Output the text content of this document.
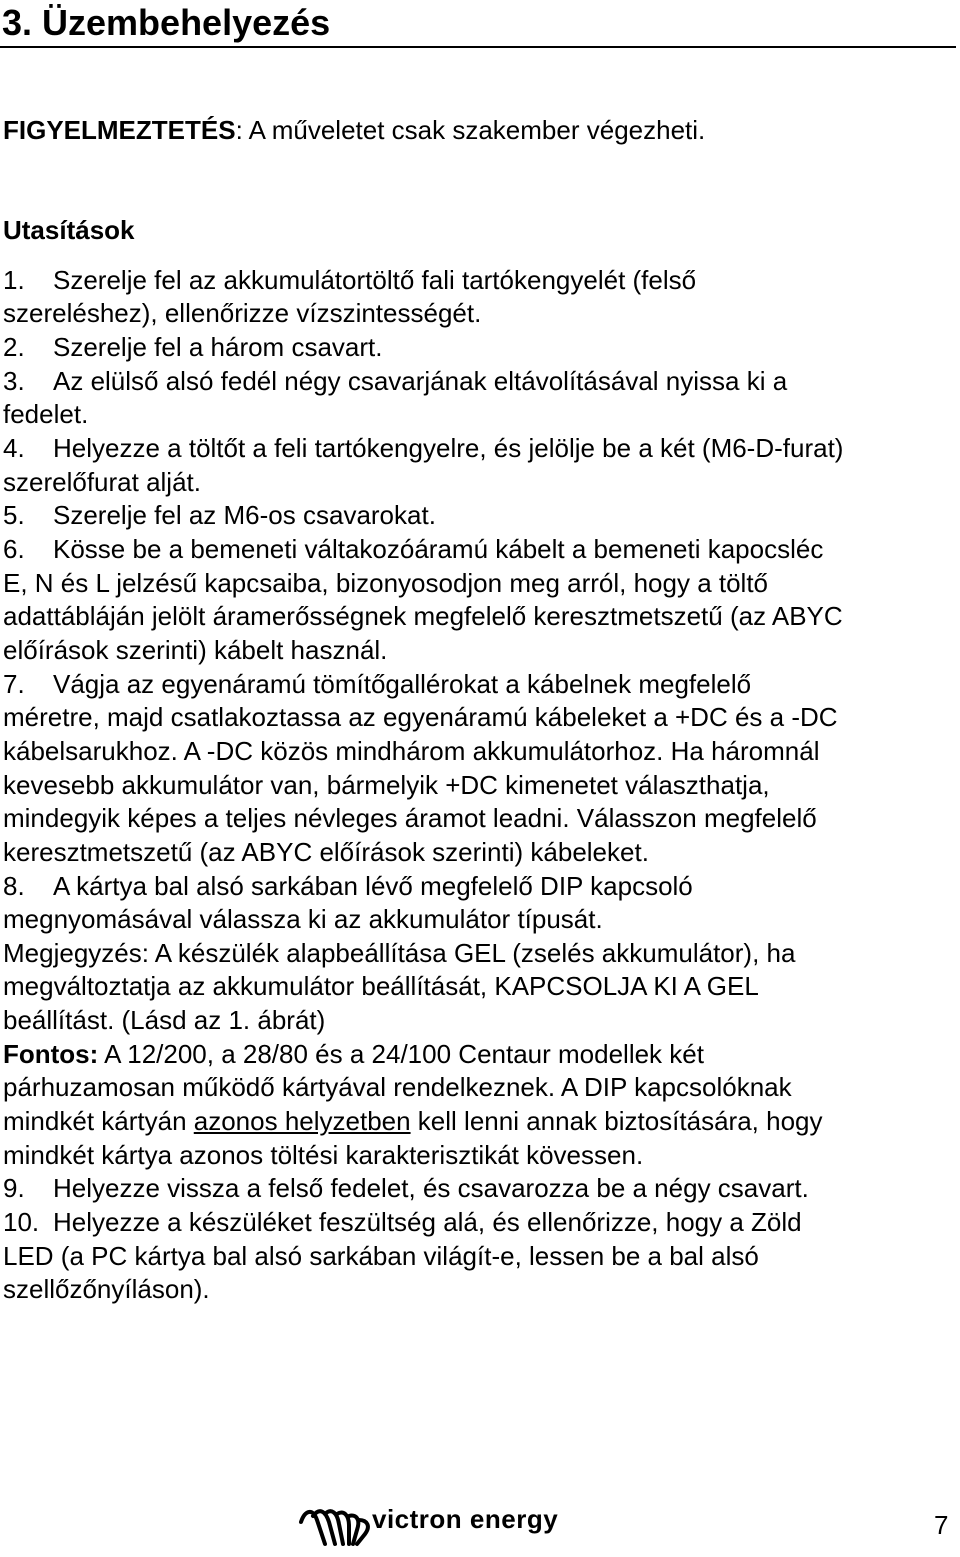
3. Üzembehelyezés

FIGYELMEZTETÉS: A műveletet csak szakember végezheti.

Utasítások

1. Szerelje fel az akkumulátortöltő fali tartókengyelét (felső

szereléshez), ellenőrizze vízszintességét.

2. Szerelje fel a három csavart.

3. Az elülső alsó fedél négy csavarjának eltávolításával nyissa ki a

fedelet.

4. Helyezze a töltőt a feli tartókengyelre, és jelölje be a két (M6-D-furat)

szerelőfurat alját.

5. Szerelje fel az M6-os csavarokat.

6. Kösse be a bemeneti váltakozóáramú kábelt a bemeneti kapocsléc

E, N és L jelzésű kapcsaiba, bizonyosodjon meg arról, hogy a töltő

adattábláján jelölt áramerősségnek megfelelő keresztmetszetű (az ABYC

előírások szerinti) kábelt használ.

7. Vágja az egyenáramú tömítőgallérokat a kábelnek megfelelő

méretre, majd csatlakoztassa az egyenáramú kábeleket a +DC és a -DC

kábelsarukhoz. A -DC közös mindhárom akkumulátorhoz. Ha háromnál

kevesebb akkumulátor van, bármelyik +DC kimenetet választhatja,

mindegyik képes a teljes névleges áramot leadni. Válasszon megfelelő

keresztmetszetű (az ABYC előírások szerinti) kábeleket.

8. A kártya bal alsó sarkában lévő megfelelő DIP kapcsoló

megnyomásával válassza ki az akkumulátor típusát.

Megjegyzés: A készülék alapbeállítása GEL (zselés akkumulátor), ha

megváltoztatja az akkumulátor beállítását, KAPCSOLJA KI A GEL

beállítást. (Lásd az 1. ábrát)

Fontos: A 12/200, a 28/80 és a 24/100 Centaur modellek két

párhuzamosan működő kártyával rendelkeznek. A DIP kapcsolóknak

mindkét kártyán azonos helyzetben kell lenni annak biztosítására, hogy

mindkét kártya azonos töltési karakterisztikát kövessen.

9. Helyezze vissza a felső fedelet, és csavarozza be a négy csavart.

10. Helyezze a készüléket feszültség alá, és ellenőrizze, hogy a Zöld

LED (a PC kártya bal alsó sarkában világít-e, lessen be a bal alsó

szellőzőnyíláson).

victron energy	7
